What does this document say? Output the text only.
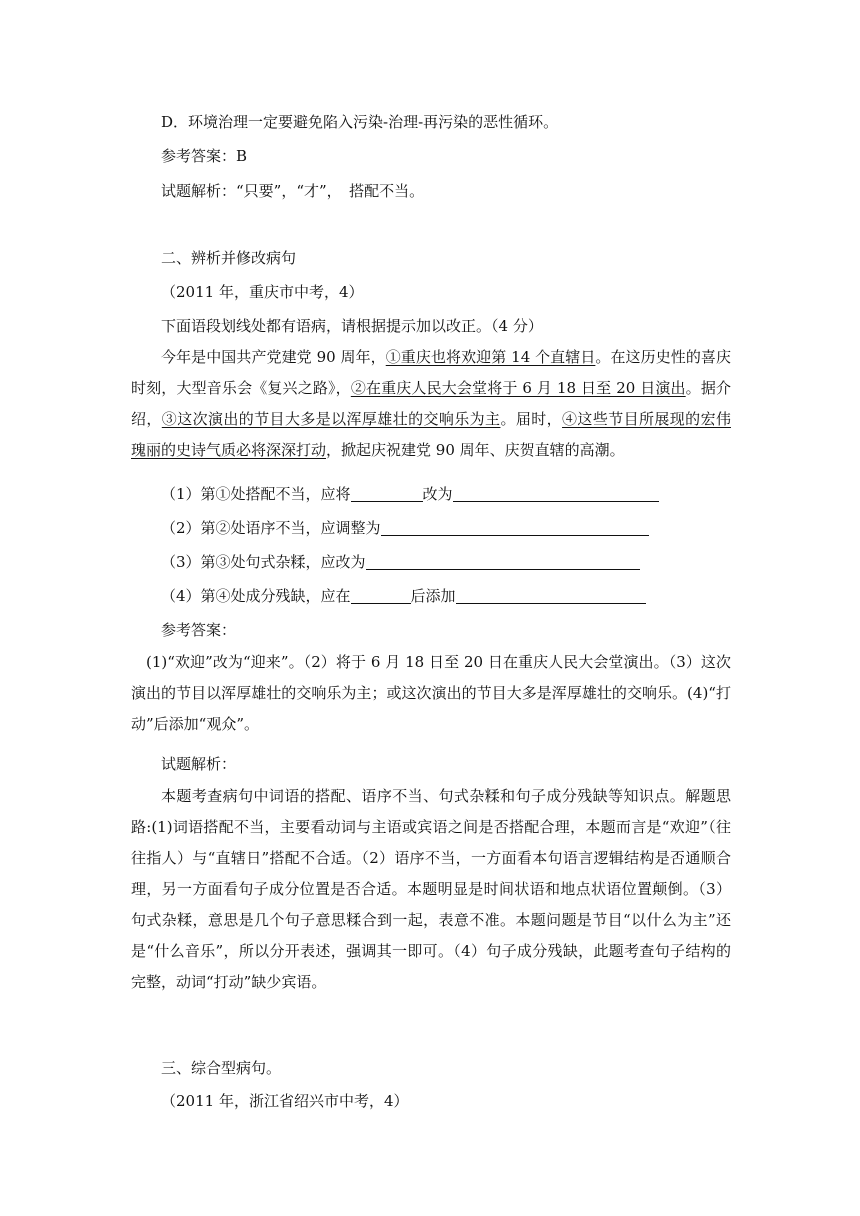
D．环境治理一定要避免陷入污染-治理-再污染的恶性循环。
参考答案：B
试题解析：“只要”，“才”，　搭配不当。
二、辨析并修改病句
（2011 年，重庆市中考，4）
下面语段划线处都有语病，请根据提示加以改正。（4 分）
今年是中国共产党建党 90 周年，①重庆也将欢迎第 14 个直辖日。在这历史性的喜庆时刻，大型音乐会《复兴之路》，②在重庆人民大会堂将于 6 月 18 日至 20 日演出。据介绍，③这次演出的节目大多是以浑厚雄壮的交响乐为主。届时，④这些节目所展现的宏伟瑰丽的史诗气质必将深深打动，掀起庆祝建党 90 周年、庆贺直辖的高潮。
（1）第①处搭配不当，应将	改为
（2）第②处语序不当，应调整为
（3）第③处句式杂糅，应改为
（4）第④处成分残缺，应在	后添加
参考答案：
(1)“欢迎”改为“迎来”。（2）将于 6 月 18 日至 20 日在重庆人民大会堂演出。（3）这次演出的节目以浑厚雄壮的交响乐为主；或这次演出的节目大多是浑厚雄壮的交响乐。(4)“打动”后添加“观众”。
试题解析：
本题考查病句中词语的搭配、语序不当、句式杂糅和句子成分残缺等知识点。解题思路:(1)词语搭配不当，主要看动词与主语或宾语之间是否搭配合理，本题而言是“欢迎”（往往指人）与“直辖日”搭配不合适。（2）语序不当，一方面看本句语言逻辑结构是否通顺合理，另一方面看句子成分位置是否合适。本题明显是时间状语和地点状语位置颠倒。（3）句式杂糅，意思是几个句子意思糅合到一起，表意不准。本题问题是节目“以什么为主”还是“什么音乐”，所以分开表述，强调其一即可。（4）句子成分残缺，此题考查句子结构的完整，动词“打动”缺少宾语。
三、综合型病句。
（2011 年，浙江省绍兴市中考，4）
